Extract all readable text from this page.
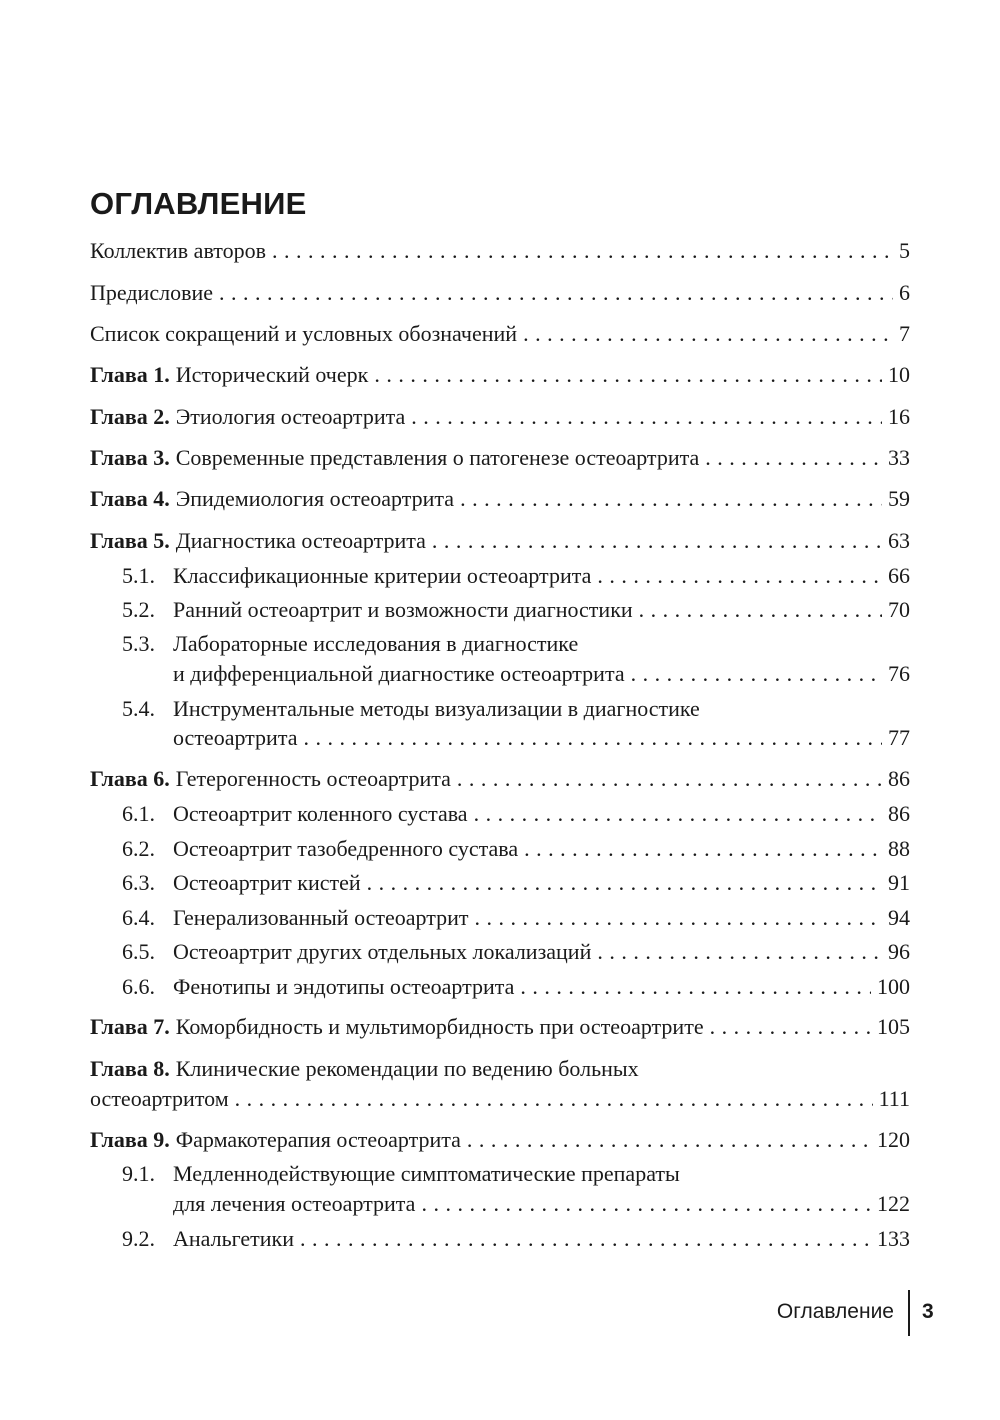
ОГЛАВЛЕНИЕ
Коллектив авторов . . .	5
Предисловие . . .	6
Список сокращений и условных обозначений . . .	7
Глава 1. Исторический очерк . . .	10
Глава 2. Этиология остеоартрита . . .	16
Глава 3. Современные представления о патогенезе остеоартрита . . .	33
Глава 4. Эпидемиология остеоартрита . . .	59
Глава 5. Диагностика остеоартрита . . .	63
5.1. Классификационные критерии остеоартрита . . .	66
5.2. Ранний остеоартрит и возможности диагностики . . .	70
5.3. Лабораторные исследования в диагностике
и дифференциальной диагностике остеоартрита . . .	76
5.4. Инструментальные методы визуализации в диагностике
остеоартрита . . .	77
Глава 6. Гетерогенность остеоартрита . . .	86
6.1. Остеоартрит коленного сустава . . .	86
6.2. Остеоартрит тазобедренного сустава . . .	88
6.3. Остеоартрит кистей . . .	91
6.4. Генерализованный остеоартрит . . .	94
6.5. Остеоартрит других отдельных локализаций . . .	96
6.6. Фенотипы и эндотипы остеоартрита . . .	100
Глава 7. Коморбидность и мультиморбидность при остеоартрите . . .	105
Глава 8. Клинические рекомендации по ведению больных
остеоартритом . . .	111
Глава 9. Фармакотерапия остеоартрита . . .	120
9.1. Медленнодействующие симптоматические препараты
для лечения остеоартрита . . .	122
9.2. Анальгетики . . .	133
Оглавление 3
